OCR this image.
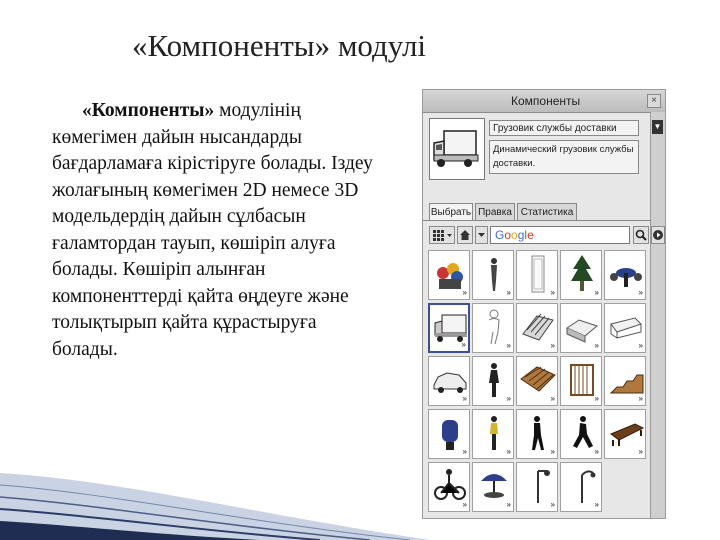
«Компоненты» модулі
«Компоненты» модулінің көмегімен дайын нысандарды бағдарламаға кірістіруге болады. Іздеу жолағының көмегімен 2D немесе 3D модельдердің дайын сұлбасын ғаламтордан тауып, көшіріп алуға болады. Көшіріп алынған компоненттерді қайта өңдеуге және толықтырып қайта құрастыруға болады.
Компоненты	×
▼
Грузовик службы доставки
Динамический грузовик службы доставки.
Выбрать Правка Статистика
Google
»	»	»	»	»
»	»	»	»	»
»	»	»	»	»
»	»	»	»	»
»	»	»	»
